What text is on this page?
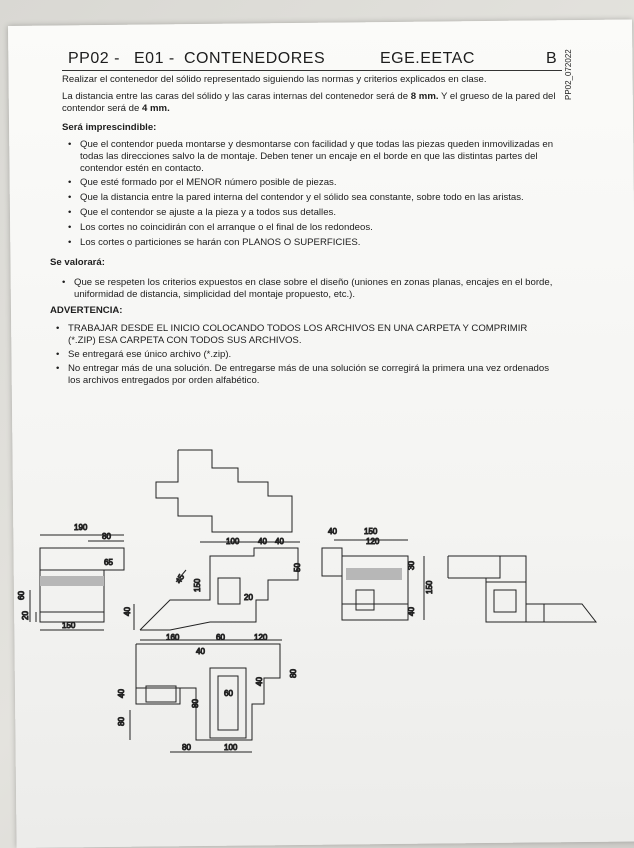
PP02 - E01 - CONTENEDORES	EGE.EETAC	B PP02_072022
Realizar el contenedor del sólido representado siguiendo las normas y criterios explicados en clase.
La distancia entre las caras del sólido y las caras internas del contenedor será de 8 mm. Y el grueso de la pared del contendor será de 4 mm.
Será imprescindible:
• Que el contendor pueda montarse y desmontarse con facilidad y que todas las piezas queden inmovilizadas en todas las direcciones salvo la de montaje. Deben tener un encaje en el borde en que las distintas partes del contendor estén en contacto.
• Que esté formado por el MENOR número posible de piezas.
• Que la distancia entre la pared interna del contendor y el sólido sea constante, sobre todo en las aristas.
• Que el contendor se ajuste a la pieza y a todos sus detalles.
• Los cortes no coincidirán con el arranque o el final de los redondeos.
• Los cortes o particiones se harán con PLANOS O SUPERFICIES.
Se valorará:
• Que se respeten los criterios expuestos en clase sobre el diseño (uniones en zonas planas, encajes en el borde, uniformidad de distancia, simplicidad del montaje propuesto, etc.).
ADVERTENCIA:
• TRABAJAR DESDE EL INICIO COLOCANDO TODOS LOS ARCHIVOS EN UNA CARPETA Y COMPRIMIR (*.ZIP) ESA CARPETA CON TODOS SUS ARCHIVOS.
• Se entregará ese único archivo (*.zip).
• No entregar más de una solución. De entregarse más de una solución se corregirá la primera una vez ordenados los archivos entregados por orden alfabético.
190
80
65
60
20
150
45 150
40
100 40 40
50
20
40	150
120
30
150
40
160	60	120
40
40
80
80
60
40
80
80	100
